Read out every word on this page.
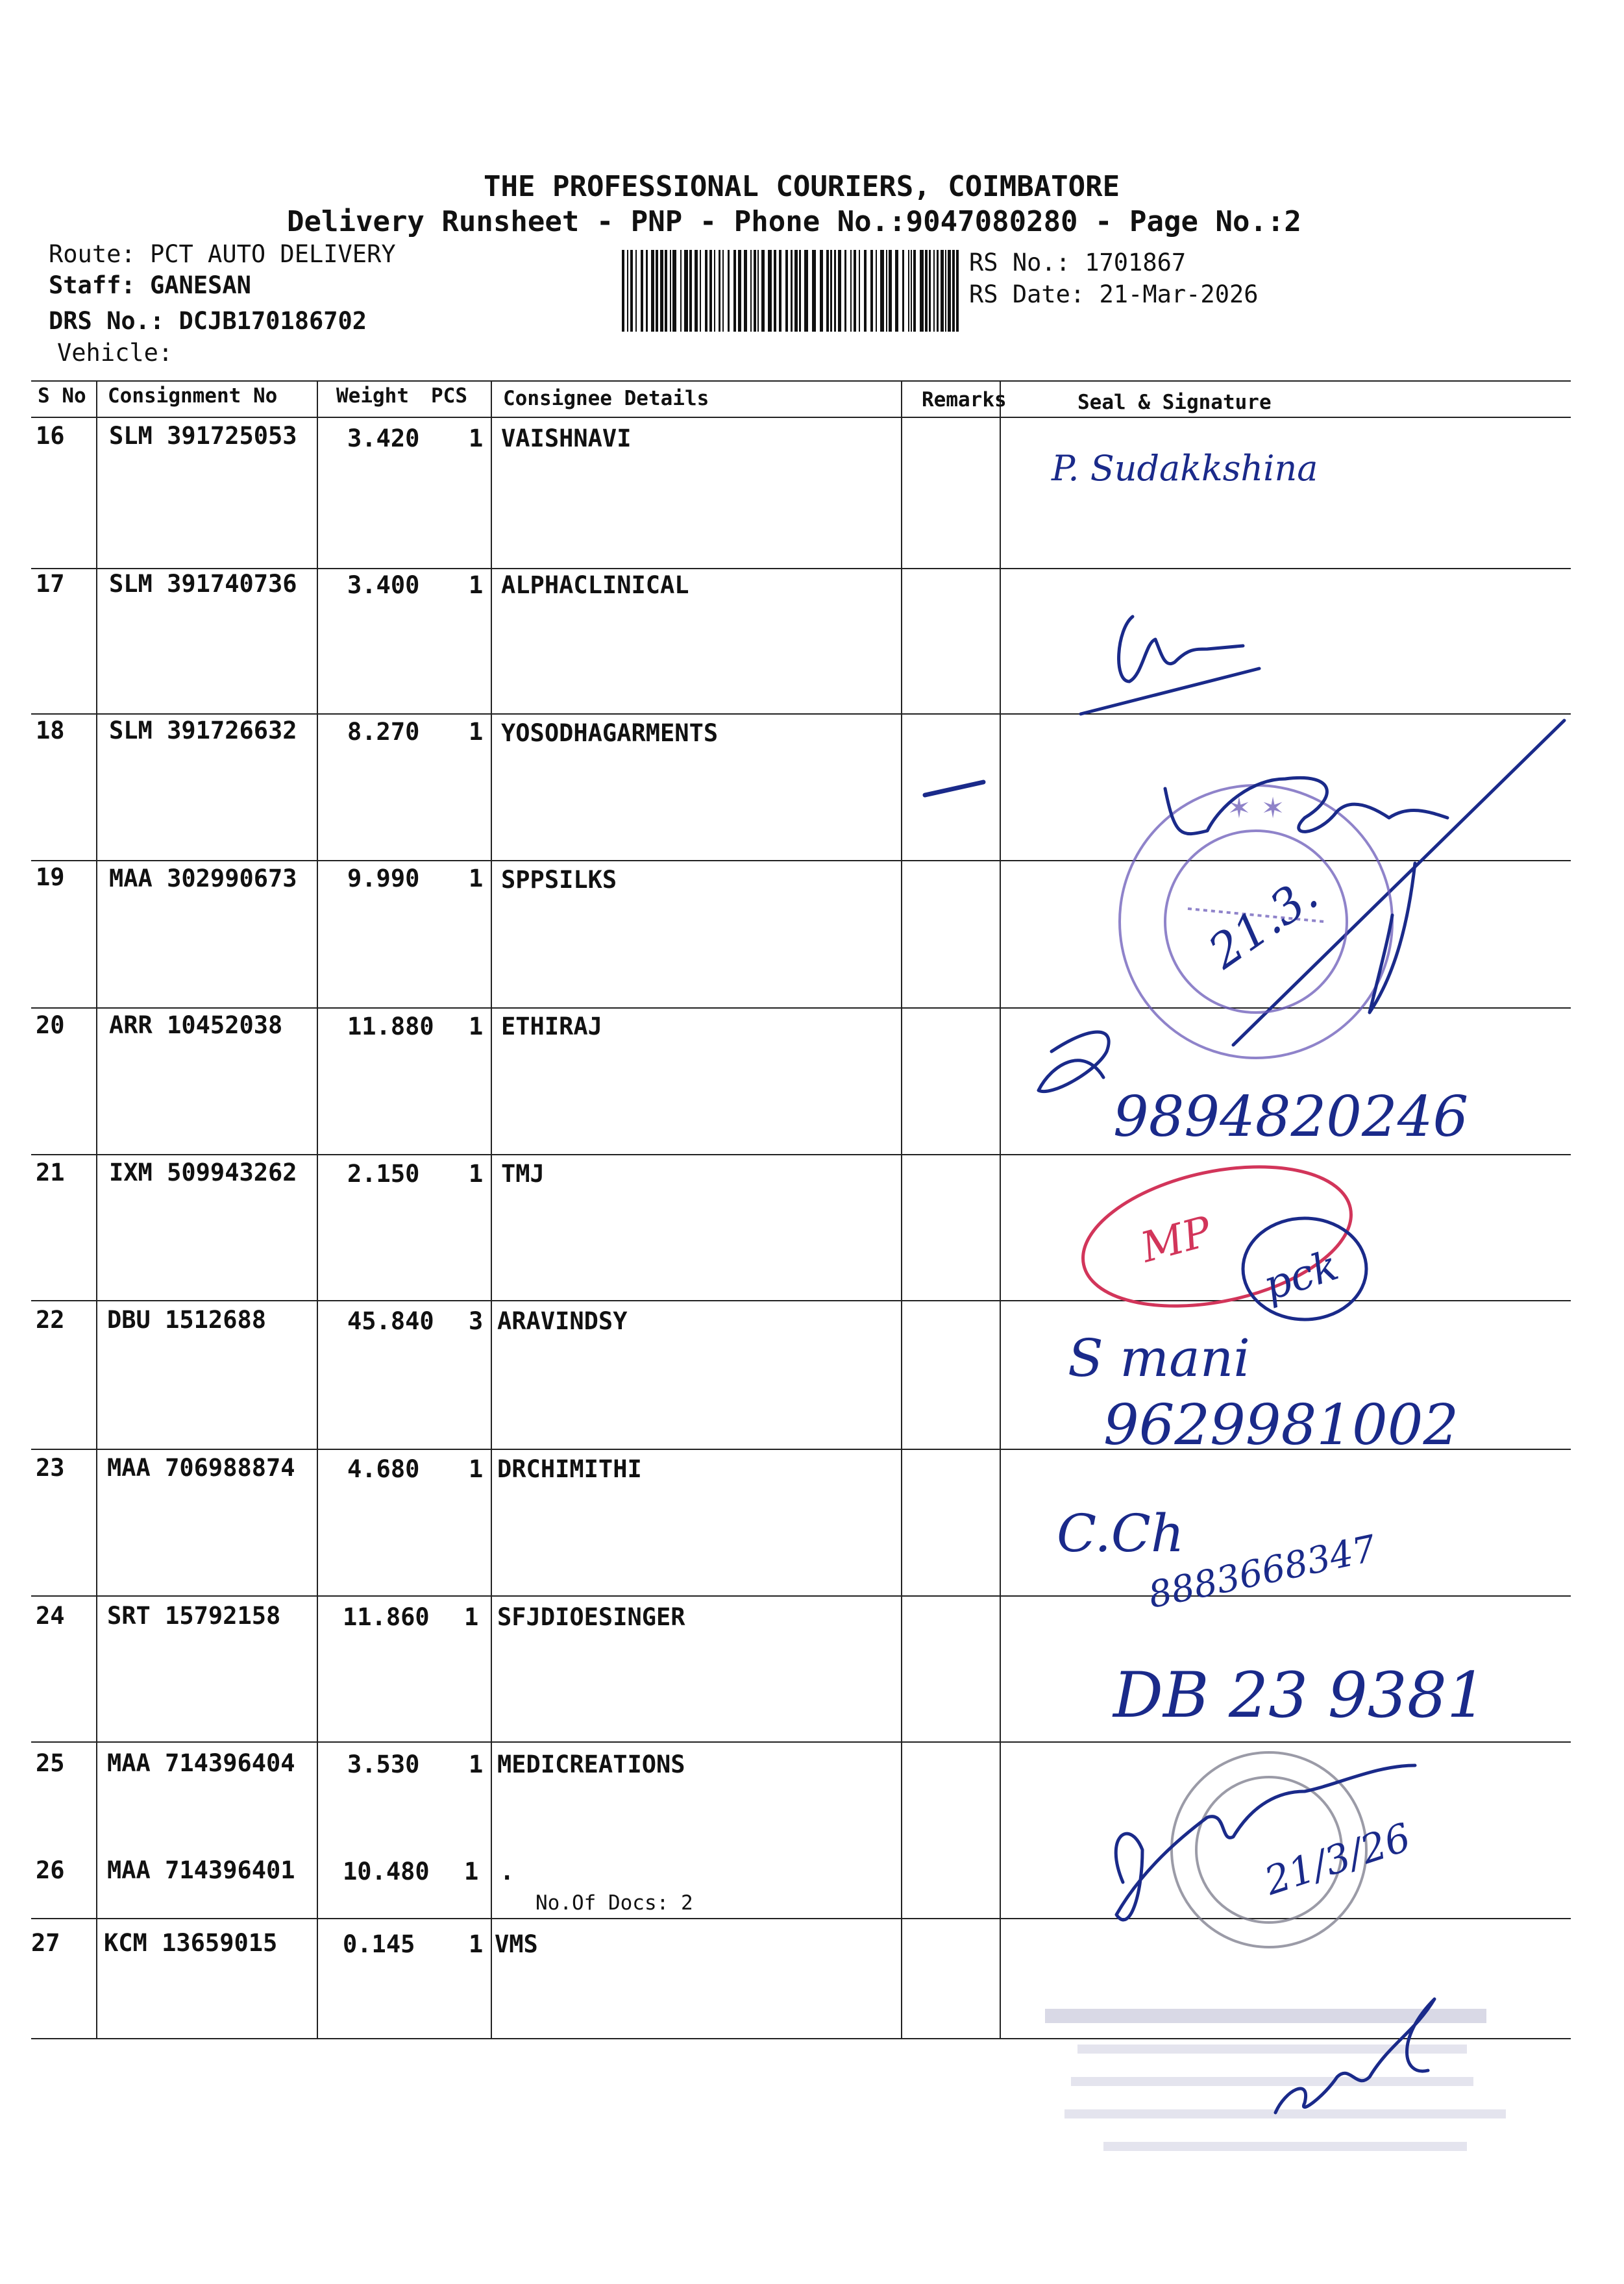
THE PROFESSIONAL COURIERS, COIMBATORE
Delivery Runsheet - PNP - Phone No.:9047080280 - Page No.:2
Route: PCT AUTO DELIVERY
Staff: GANESAN
DRS No.: DCJB170186702
Vehicle:
RS No.: 1701867
RS Date: 21-Mar-2026
S No Consignment No	Weight PCS Consignee Details	Remarks	Seal & Signature
16 SLM 391725053 3.420 1 VAISHNAVI
17 SLM 391740736 3.400 1 ALPHACLINICAL
18 SLM 391726632 8.270 1 YOSODHAGARMENTS
19 MAA 302990673 9.990 1 SPPSILKS
20 ARR 10452038	11.880 1 ETHIRAJ
21 IXM 509943262 2.150 1 TMJ
22 DBU 1512688	45.840 3 ARAVINDSY
23 MAA 706988874 4.680 1 DRCHIMITHI
24 SRT 15792158	11.860 1 SFJDIOESINGER
25 MAA 714396404 3.530 1 MEDICREATIONS
26 MAA 714396401 10.480 1 .
No.Of Docs: 2
27 KCM 13659015	0.145 1 VMS
P. Sudakkshina
✶ ✶
21.3.
9894820246
MP
pck
S mani
9629981002
C.Ch
8883668347
DB 23 9381
21/3/26
